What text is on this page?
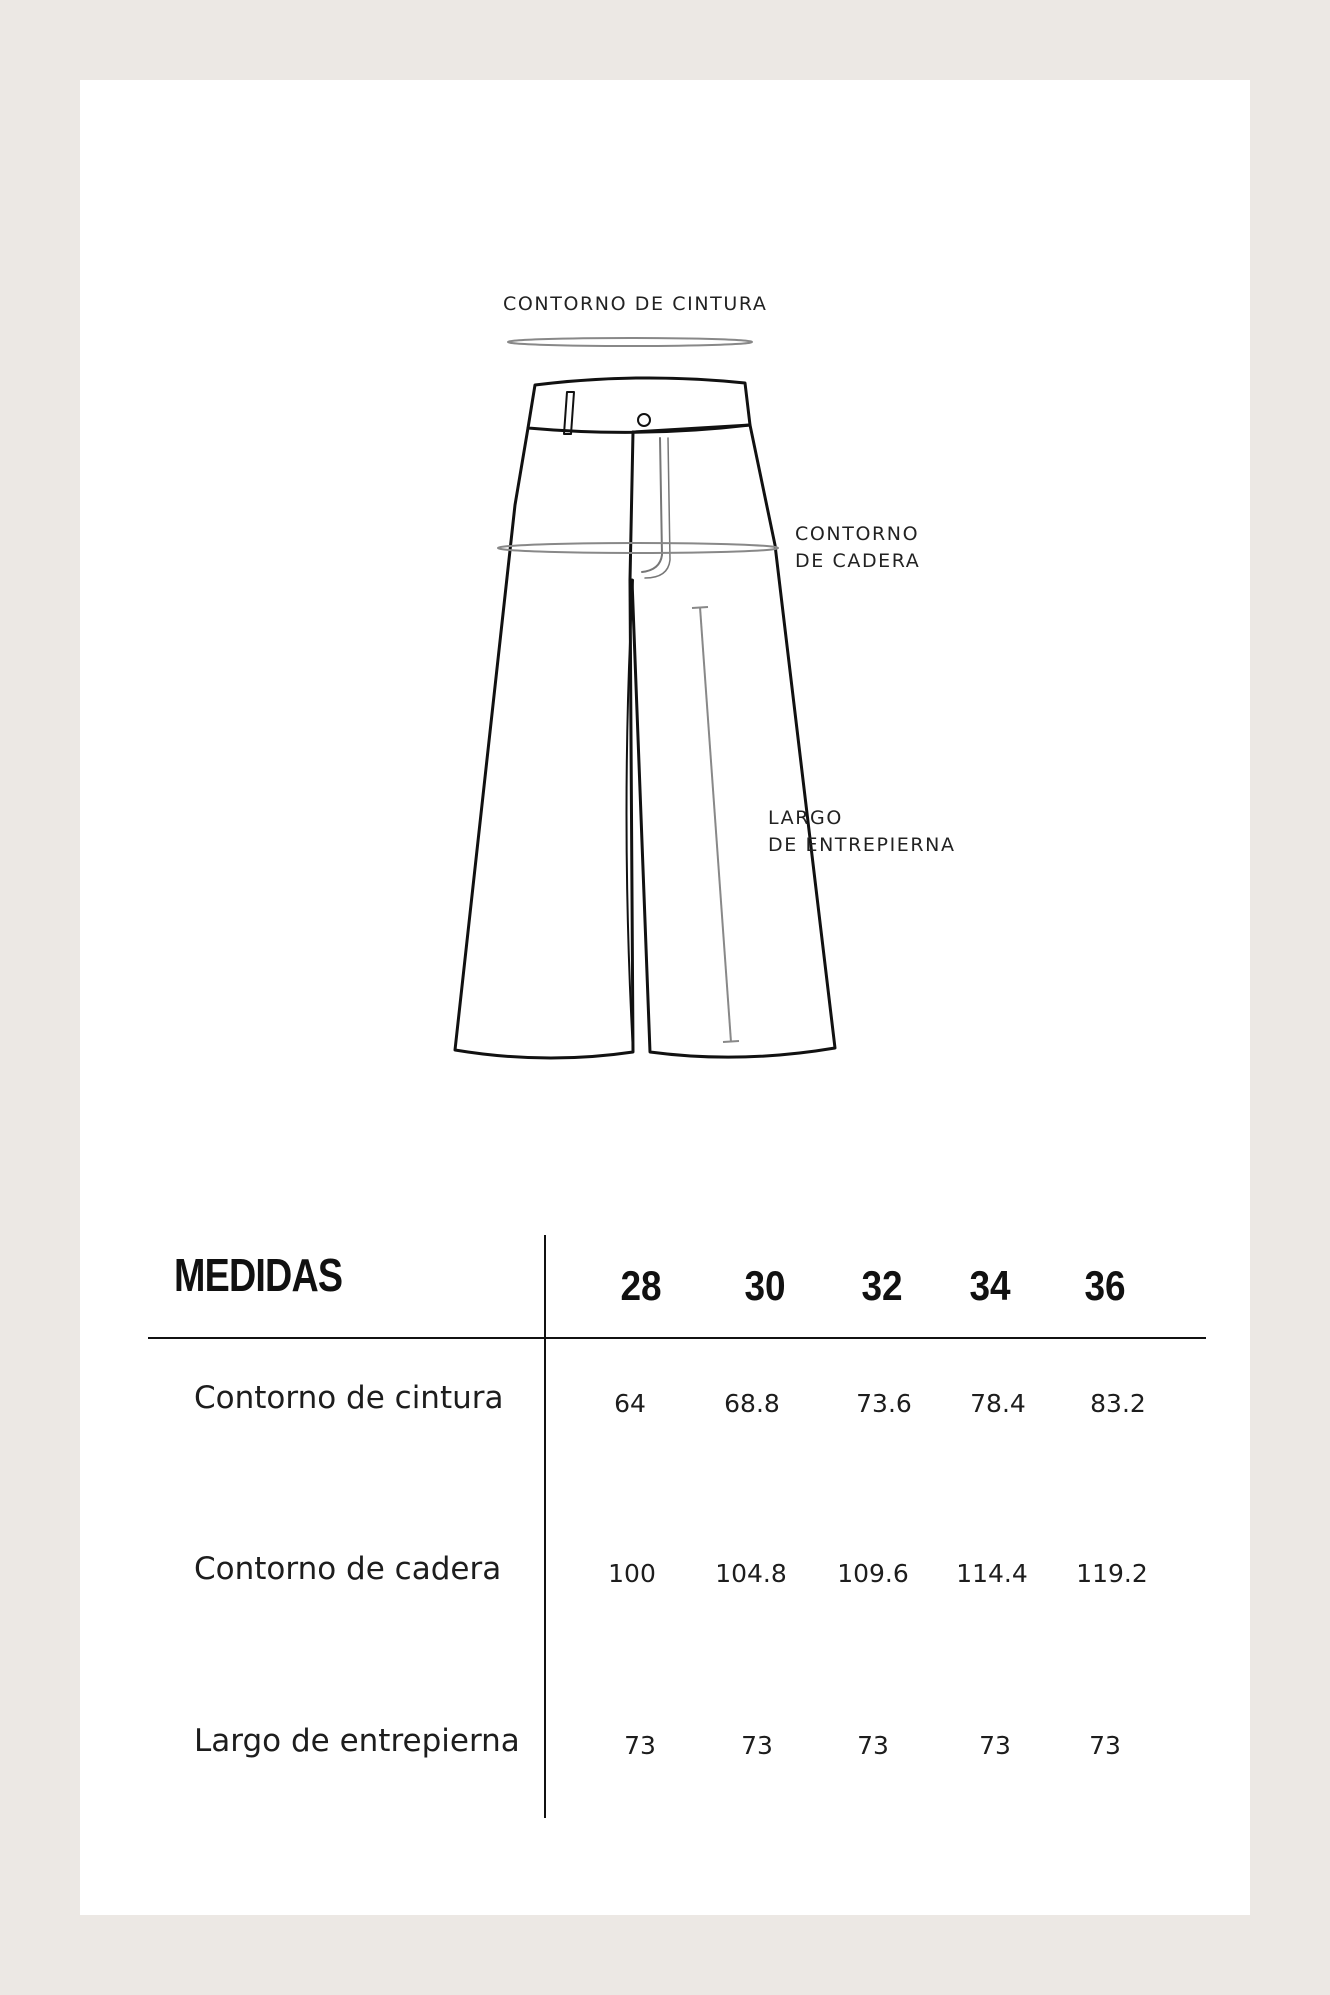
CONTORNO DE CINTURA
CONTORNO
DE CADERA
LARGO
DE ENTREPIERNA
MEDIDAS	28	30	32	34	36
Contorno de cintura	64	68.8	73.6	78.4	83.2
Contorno de cadera	100	104.8	109.6	114.4	119.2
Largo de entrepierna	73	73	73	73	73
